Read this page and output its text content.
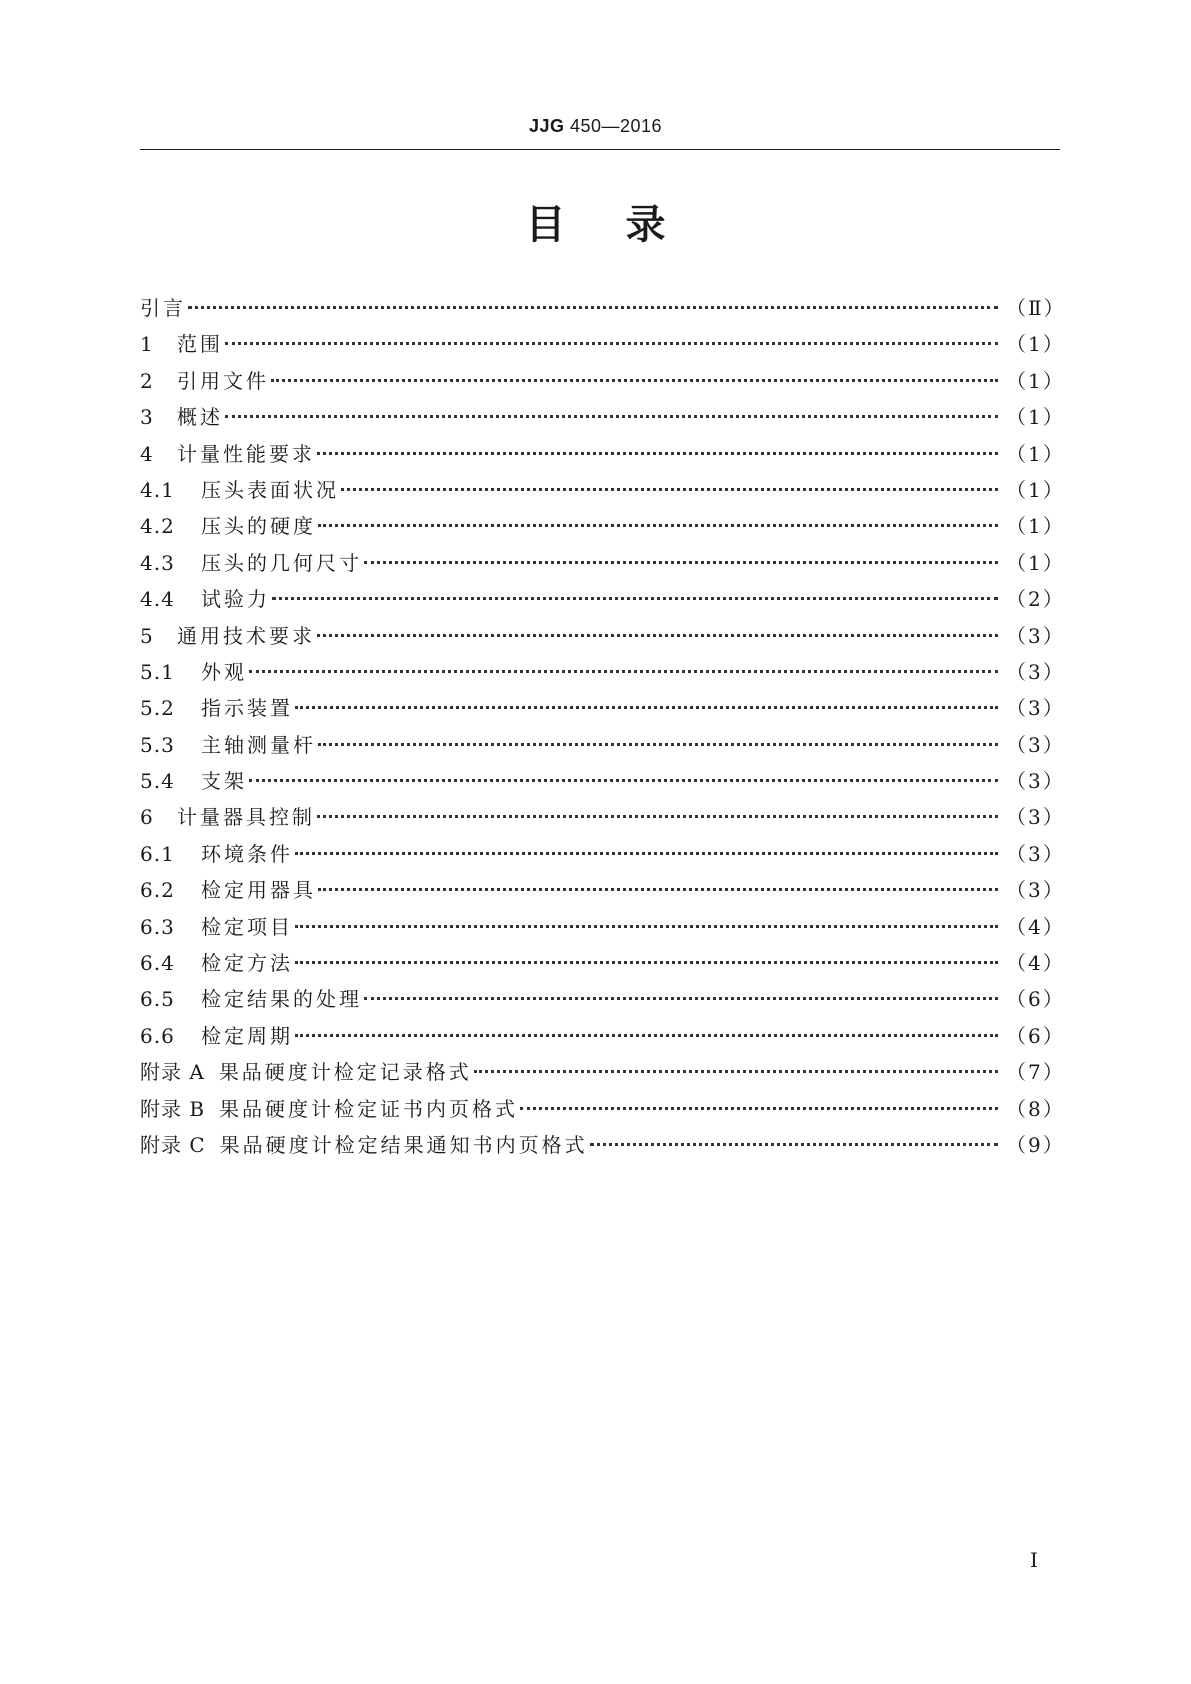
JJG 450—2016
目 录
引言	（Ⅱ）
1	范围	（1）
2	引用文件	（1）
3	概述	（1）
4	计量性能要求	（1）
4.1	压头表面状况	（1）
4.2	压头的硬度	（1）
4.3	压头的几何尺寸	（1）
4.4	试验力	（2）
5	通用技术要求	（3）
5.1	外观	（3）
5.2	指示装置	（3）
5.3	主轴测量杆	（3）
5.4	支架	（3）
6	计量器具控制	（3）
6.1	环境条件	（3）
6.2	检定用器具	（3）
6.3	检定项目	（4）
6.4	检定方法	（4）
6.5	检定结果的处理	（6）
6.6	检定周期	（6）
附录 A 果品硬度计检定记录格式	（7）
附录 B 果品硬度计检定证书内页格式	（8）
附录 C 果品硬度计检定结果通知书内页格式	（9）
Ⅰ
